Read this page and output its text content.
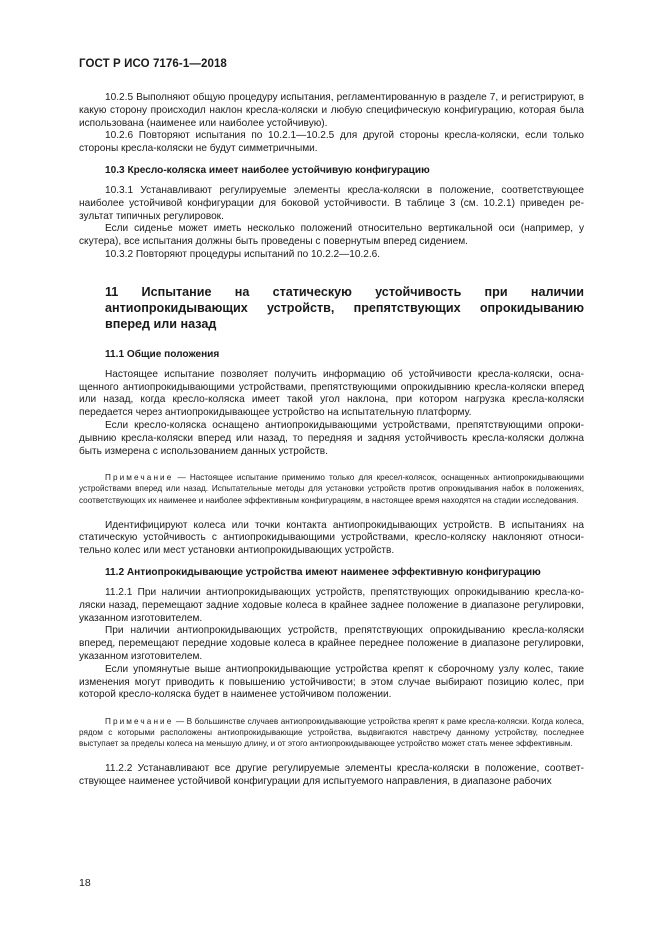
ГОСТ Р ИСО 7176-1—2018

10.2.5 Выполняют общую процедуру испытания, регламентированную в разделе 7, и регистрируют, в какую сторону происходил наклон кресла-коляски и любую специфическую конфигурацию, которая была использована (наименее или наиболее устойчивую).

10.2.6 Повторяют испытания по 10.2.1—10.2.5 для другой стороны кресла-коляски, если только стороны кресла-коляски не будут симметричными.

10.3 Кресло-коляска имеет наиболее устойчивую конфигурацию

10.3.1 Устанавливают регулируемые элементы кресла-коляски в положение, соответствующее наиболее устойчивой конфигурации для боковой устойчивости. В таблице 3 (см. 10.2.1) приведен результат типичных регулировок.

Если сиденье может иметь несколько положений относительно вертикальной оси (например, у скутера), все испытания должны быть проведены с повернутым вперед сидением.

10.3.2 Повторяют процедуры испытаний по 10.2.2—10.2.6.

11 Испытание на статическую устойчивость при наличии антиопрокидывающих устройств, препятствующих опрокидыванию вперед или назад

11.1 Общие положения

Настоящее испытание позволяет получить информацию об устойчивости кресла-коляски, оснащенного антиопрокидывающими устройствами, препятствующими опрокидывнию кресла-коляски вперед или назад, когда кресло-коляска имеет такой угол наклона, при котором нагрузка кресла-коляски передается через антиопрокидывающее устройство на испытательную платформу.

Если кресло-коляска оснащено антиопрокидывающими устройствами, препятствующими опрокидывнию кресла-коляски вперед или назад, то передняя и задняя устойчивость кресла-коляски должна быть измерена с использованием данных устройств.

Примечание — Настоящее испытание применимо только для кресел-колясок, оснащенных антиопрокидывающими устройствами вперед или назад. Испытательные методы для установки устройств против опрокидывания набок в положениях, соответствующих их наименее и наиболее эффективным конфигурациям, в настоящее время находятся на стадии исследования.

Идентифицируют колеса или точки контакта антиопрокидывающих устройств. В испытаниях на статическую устойчивость с антиопрокидывающими устройствами, кресло-коляску наклоняют относительно колес или мест установки антиопрокидывающих устройств.

11.2 Антиопрокидывающие устройства имеют наименее эффективную конфигурацию

11.2.1 При наличии антиопрокидывающих устройств, препятствующих опрокидыванию кресла-коляски назад, перемещают задние ходовые колеса в крайнее заднее положение в диапазоне регулировки, указанном изготовителем.

При наличии антиопрокидывающих устройств, препятствующих опрокидыванию кресла-коляски вперед, перемещают передние ходовые колеса в крайнее переднее положение в диапазоне регулировки, указанном изготовителем.

Если упомянутые выше антиопрокидывающие устройства крепят к сборочному узлу колес, такие изменения могут приводить к повышению устойчивости; в этом случае выбирают позицию колес, при которой кресло-коляска будет в наименее устойчивом положении.

Примечание — В большинстве случаев антиопрокидывающие устройства крепят к раме кресла-коляски. Когда колеса, рядом с которыми расположены антиопрокидывающие устройства, выдвигаются навстречу данному устройству, последнее выступает за пределы колеса на меньшую длину, и от этого антиопрокидывающее устройство может стать менее эффективным.

11.2.2 Устанавливают все другие регулируемые элементы кресла-коляски в положение, соответствующее наименее устойчивой конфигурации для испытуемого направления, в диапазоне рабочих

18
